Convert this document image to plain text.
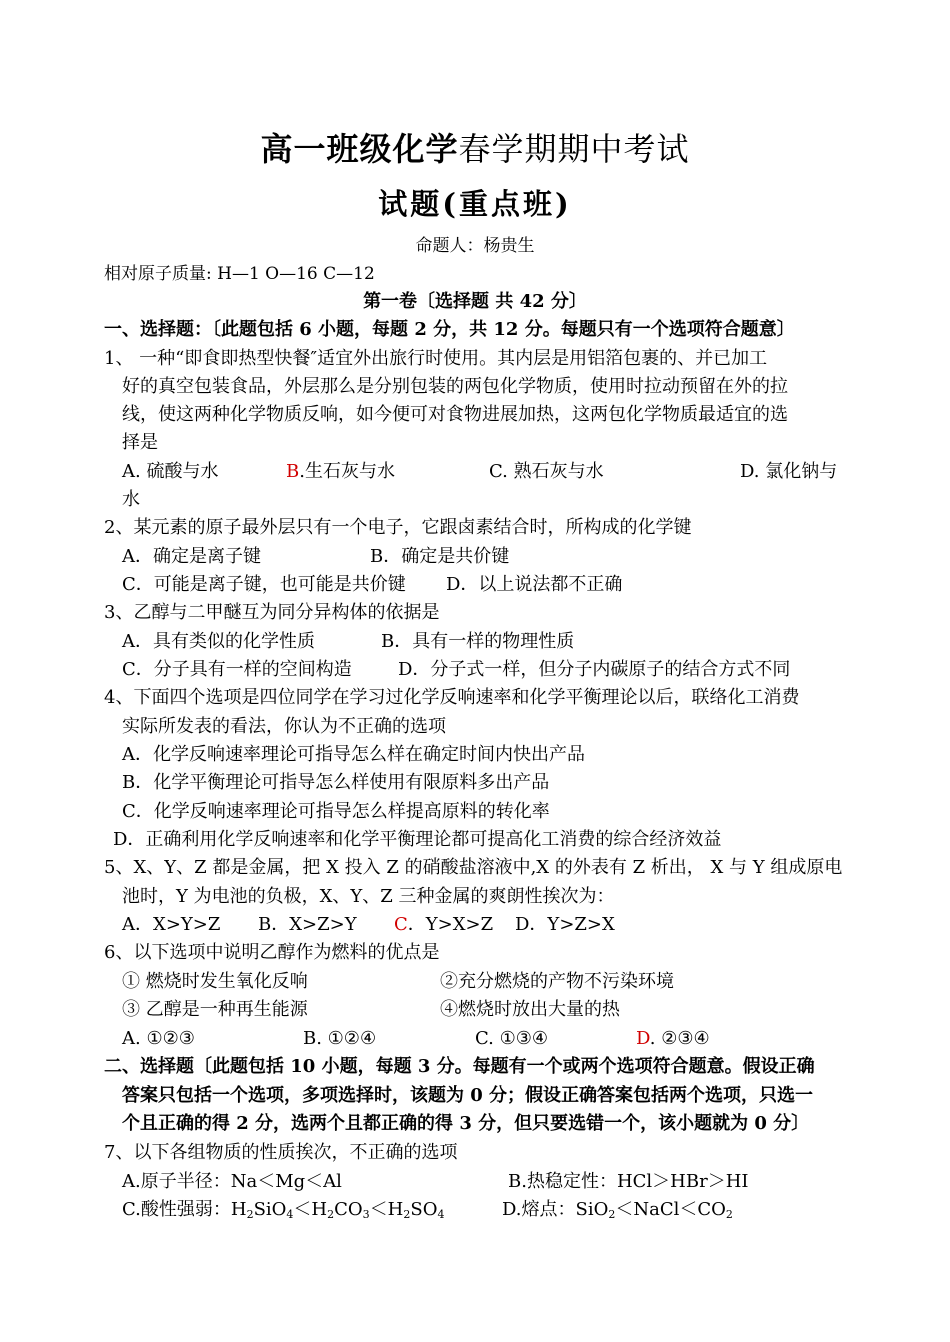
高一班级化学春学期期中考试
试题(重点班)
命题人：杨贵生
相对原子质量: H—1 O—16 C—12
第一卷〔选择题 共 42 分〕
一、选择题：〔此题包括 6 小题，每题 2 分，共 12 分。每题只有一个选项符合题意〕
1、 一种“即食即热型快餐″适宜外出旅行时使用。其内层是用铝箔包裹的、并已加工
好的真空包装食品，外层那么是分别包装的两包化学物质，使用时拉动预留在外的拉
线，使这两种化学物质反响，如今便可对食物进展加热，这两包化学物质最适宜的选
择是
A. 硫酸与水	B.生石灰与水	C. 熟石灰与水	D. 氯化钠与
水
2、某元素的原子最外层只有一个电子，它跟卤素结合时，所构成的化学键
A．确定是离子键	B．确定是共价键
C．可能是离子键，也可能是共价键 D．以上说法都不正确
3、乙醇与二甲醚互为同分异构体的依据是
A．具有类似的化学性质	B．具有一样的物理性质
C．分子具有一样的空间构造	D．分子式一样，但分子内碳原子的结合方式不同
4、下面四个选项是四位同学在学习过化学反响速率和化学平衡理论以后，联络化工消费
实际所发表的看法，你认为不正确的选项
A．化学反响速率理论可指导怎么样在确定时间内快出产品
B．化学平衡理论可指导怎么样使用有限原料多出产品
C．化学反响速率理论可指导怎么样提高原料的转化率
D．正确利用化学反响速率和化学平衡理论都可提高化工消费的综合经济效益
5、X、Y、Z 都是金属，把 X 投入 Z 的硝酸盐溶液中,X 的外表有 Z 析出， X 与 Y 组成原电
池时，Y 为电池的负极，X、Y、Z 三种金属的爽朗性挨次为：
A．X>Y>Z B．X>Z>Y C．Y>X>Z D．Y>Z>X
6、以下选项中说明乙醇作为燃料的优点是
① 燃烧时发生氧化反响	②充分燃烧的产物不污染环境
③ 乙醇是一种再生能源	④燃烧时放出大量的热
A. ①②③	B. ①②④	C. ①③④	D. ②③④
二、选择题〔此题包括 10 小题，每题 3 分。每题有一个或两个选项符合题意。假设正确
答案只包括一个选项，多项选择时，该题为 0 分；假设正确答案包括两个选项，只选一
个且正确的得 2 分，选两个且都正确的得 3 分，但只要选错一个，该小题就为 0 分〕
7、以下各组物质的性质挨次，不正确的选项
A.原子半径：Na＜Mg＜Al	B.热稳定性：HCl＞HBr＞HI
C.酸性强弱：$H_2SiO_4<H_2CO_3<H_2SO_4$	D.熔点：$SiO_2<NaCl<CO_2$
